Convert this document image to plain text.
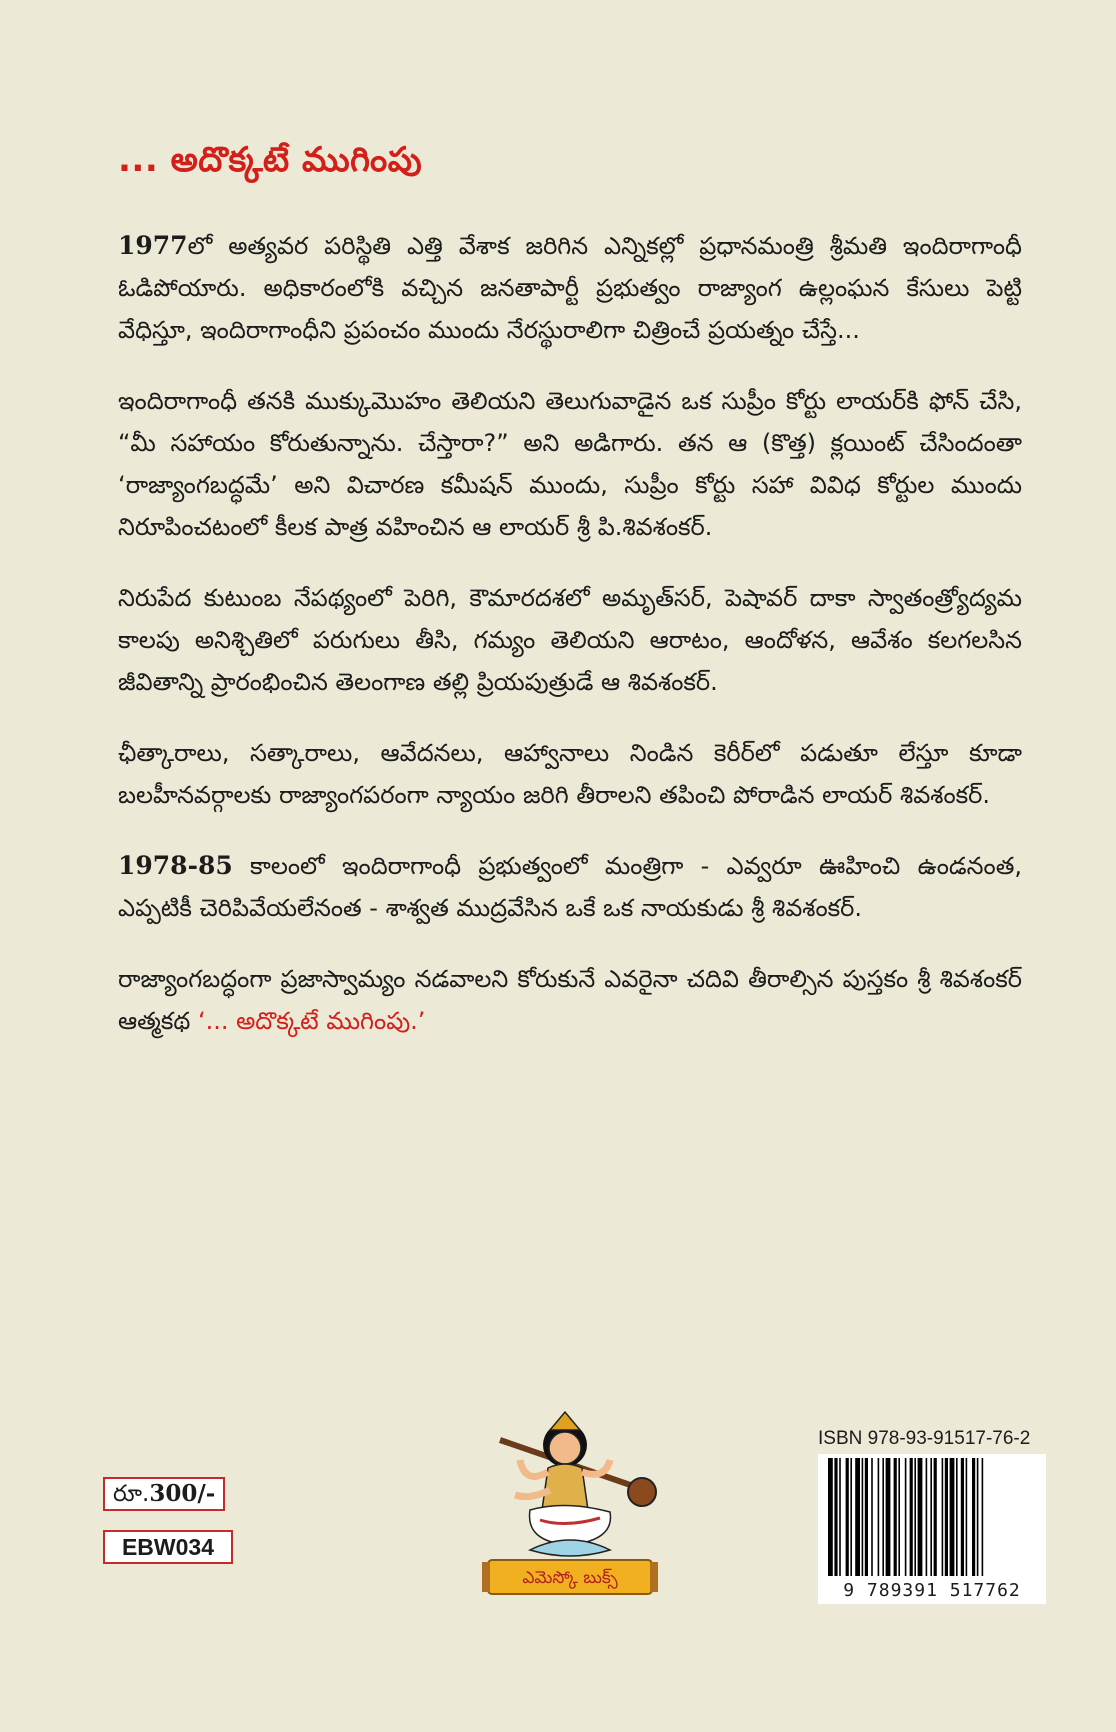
... అదొక్కటే ముగింపు

1977లో అత్యవర పరిస్థితి ఎత్తి వేశాక జరిగిన ఎన్నికల్లో ప్రధానమంత్రి శ్రీమతి ఇందిరాగాంధీ ఓడిపోయారు. అధికారంలోకి వచ్చిన జనతాపార్టీ ప్రభుత్వం రాజ్యాంగ ఉల్లంఘన కేసులు పెట్టి వేధిస్తూ, ఇందిరాగాంధీని ప్రపంచం ముందు నేరస్థురాలిగా చిత్రించే ప్రయత్నం చేస్తే...

ఇందిరాగాంధీ తనకి ముక్కుమొహం తెలియని తెలుగువాడైన ఒక సుప్రీం కోర్టు లాయర్‌కి ఫోన్ చేసి, “మీ సహాయం కోరుతున్నాను. చేస్తారా?” అని అడిగారు. తన ఆ (కొత్త) క్లయింట్ చేసిందంతా ‘రాజ్యాంగబద్ధమే’ అని విచారణ కమీషన్ ముందు, సుప్రీం కోర్టు సహా వివిధ కోర్టుల ముందు నిరూపించటంలో కీలక పాత్ర వహించిన ఆ లాయర్ శ్రీ పి.శివశంకర్.

నిరుపేద కుటుంబ నేపథ్యంలో పెరిగి, కౌమారదశలో అమృత్‌సర్, పెషావర్ దాకా స్వాతంత్ర్యోద్యమ కాలపు అనిశ్చితిలో పరుగులు తీసి, గమ్యం తెలియని ఆరాటం, ఆందోళన, ఆవేశం కలగలసిన జీవితాన్ని ప్రారంభించిన తెలంగాణ తల్లి ప్రియపుత్రుడే ఆ శివశంకర్.

ఛీత్కారాలు, సత్కారాలు, ఆవేదనలు, ఆహ్వానాలు నిండిన కెరీర్‌లో పడుతూ లేస్తూ కూడా బలహీనవర్గాలకు రాజ్యాంగపరంగా న్యాయం జరిగి తీరాలని తపించి పోరాడిన లాయర్ శివశంకర్.

1978-85 కాలంలో ఇందిరాగాంధీ ప్రభుత్వంలో మంత్రిగా - ఎవ్వరూ ఊహించి ఉండనంత, ఎప్పటికీ చెరిపివేయలేనంత - శాశ్వత ముద్రవేసిన ఒకే ఒక నాయకుడు శ్రీ శివశంకర్.

రాజ్యాంగబద్ధంగా ప్రజాస్వామ్యం నడవాలని కోరుకునే ఎవరైనా చదివి తీరాల్సిన పుస్తకం శ్రీ శివశంకర్ ఆత్మకథ ‘... అదొక్కటే ముగింపు.’

ఎమెస్కో బుక్స్
రూ.300/-
EBW034
ISBN 978-93-91517-76-2
9 789391 517762
